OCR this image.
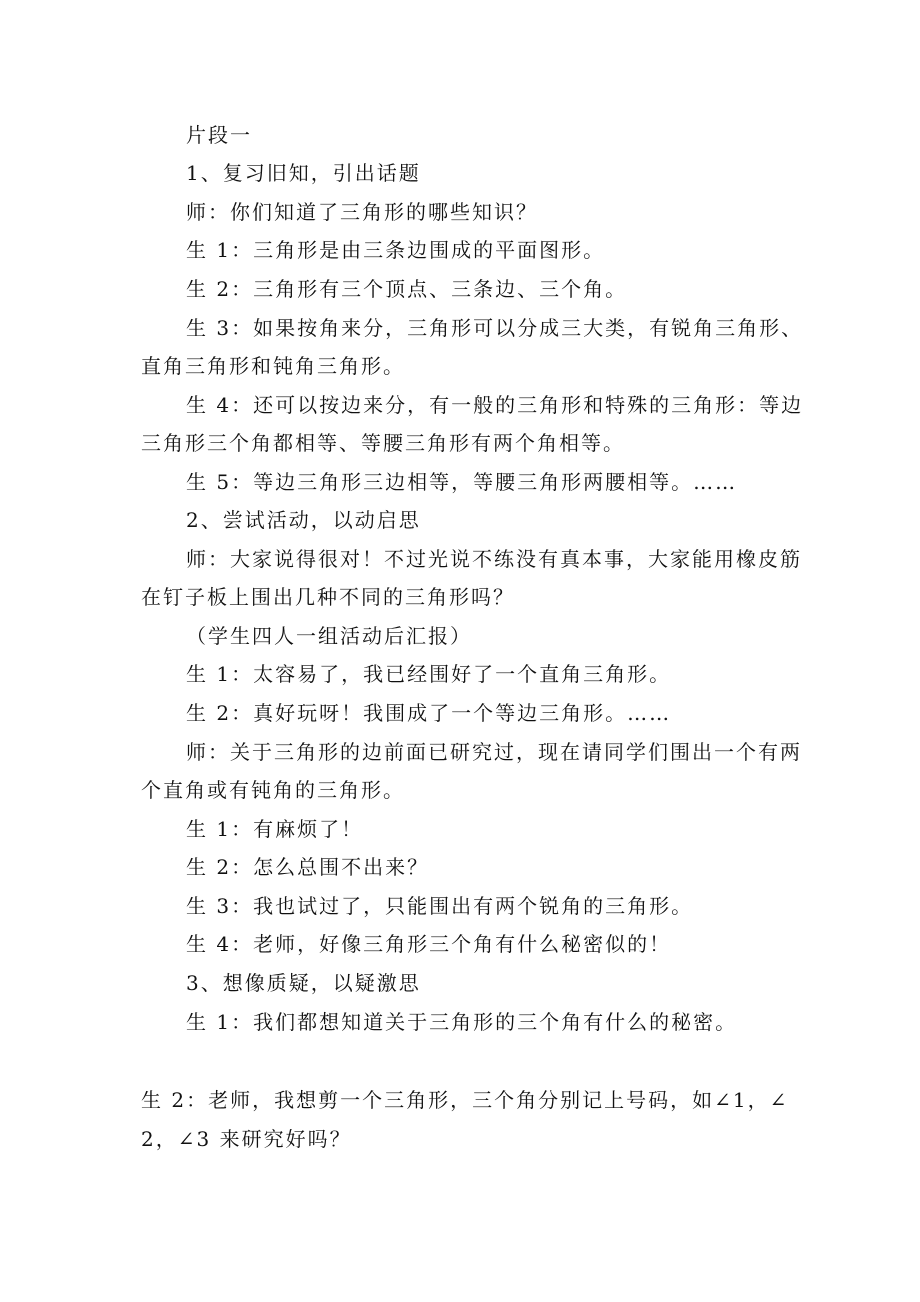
片段一
1、复习旧知，引出话题
师：你们知道了三角形的哪些知识？
生 1：三角形是由三条边围成的平面图形。
生 2：三角形有三个顶点、三条边、三个角。
生 3：如果按角来分，三角形可以分成三大类，有锐角三角形、
直角三角形和钝角三角形。
生 4：还可以按边来分，有一般的三角形和特殊的三角形：等边
三角形三个角都相等、等腰三角形有两个角相等。
生 5：等边三角形三边相等，等腰三角形两腰相等。……
2、尝试活动，以动启思
师：大家说得很对！不过光说不练没有真本事，大家能用橡皮筋
在钉子板上围出几种不同的三角形吗？
（学生四人一组活动后汇报）
生 1：太容易了，我已经围好了一个直角三角形。
生 2：真好玩呀！我围成了一个等边三角形。……
师：关于三角形的边前面已研究过，现在请同学们围出一个有两
个直角或有钝角的三角形。
生 1：有麻烦了！
生 2：怎么总围不出来？
生 3：我也试过了，只能围出有两个锐角的三角形。
生 4：老师，好像三角形三个角有什么秘密似的！
3、想像质疑，以疑激思
生 1：我们都想知道关于三角形的三个角有什么的秘密。
生 2：老师，我想剪一个三角形，三个角分别记上号码，如∠1，∠
2，∠3 来研究好吗？
